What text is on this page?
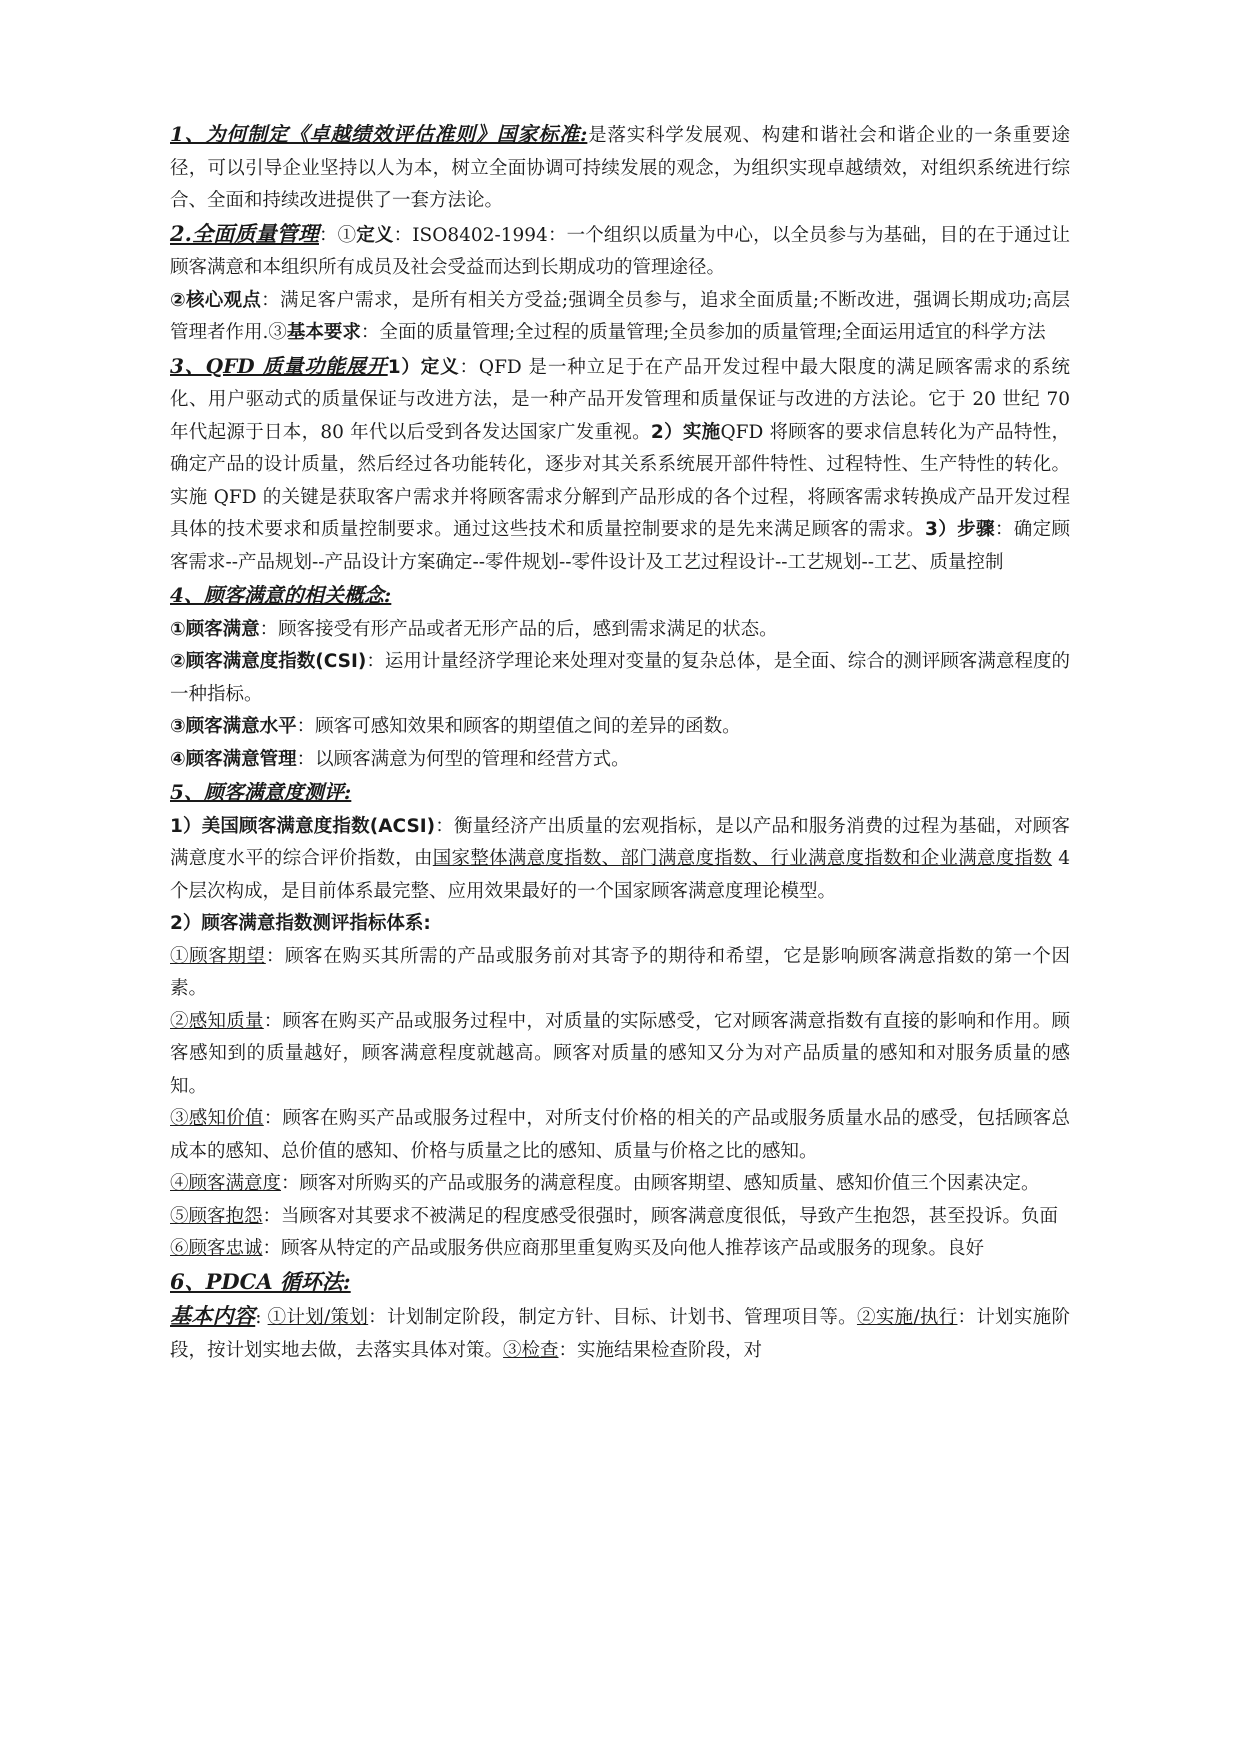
1、为何制定《卓越绩效评估准则》国家标准:是落实科学发展观、构建和谐社会和谐企业的一条重要途径，可以引导企业坚持以人为本，树立全面协调可持续发展的观念，为组织实现卓越绩效，对组织系统进行综合、全面和持续改进提供了一套方法论。

2.全面质量管理：①定义：ISO8402-1994：一个组织以质量为中心，以全员参与为基础，目的在于通过让顾客满意和本组织所有成员及社会受益而达到长期成功的管理途径。

②核心观点：满足客户需求，是所有相关方受益;强调全员参与，追求全面质量;不断改进，强调长期成功;高层管理者作用.③基本要求：全面的质量管理;全过程的质量管理;全员参加的质量管理;全面运用适宜的科学方法

3、QFD 质量功能展开1）定义：QFD 是一种立足于在产品开发过程中最大限度的满足顾客需求的系统化、用户驱动式的质量保证与改进方法，是一种产品开发管理和质量保证与改进的方法论。它于 20 世纪 70 年代起源于日本，80 年代以后受到各发达国家广发重视。2）实施QFD 将顾客的要求信息转化为产品特性，确定产品的设计质量，然后经过各功能转化，逐步对其关系系统展开部件特性、过程特性、生产特性的转化。实施 QFD 的关键是获取客户需求并将顾客需求分解到产品形成的各个过程，将顾客需求转换成产品开发过程具体的技术要求和质量控制要求。通过这些技术和质量控制要求的是先来满足顾客的需求。3）步骤：确定顾客需求--产品规划--产品设计方案确定--零件规划--零件设计及工艺过程设计--工艺规划--工艺、质量控制

4、顾客满意的相关概念:

①顾客满意：顾客接受有形产品或者无形产品的后，感到需求满足的状态。

②顾客满意度指数(CSI)：运用计量经济学理论来处理对变量的复杂总体，是全面、综合的测评顾客满意程度的一种指标。

③顾客满意水平：顾客可感知效果和顾客的期望值之间的差异的函数。

④顾客满意管理：以顾客满意为何型的管理和经营方式。

5、顾客满意度测评:

1）美国顾客满意度指数(ACSI)：衡量经济产出质量的宏观指标，是以产品和服务消费的过程为基础，对顾客满意度水平的综合评价指数，由国家整体满意度指数、部门满意度指数、行业满意度指数和企业满意度指数 4 个层次构成，是目前体系最完整、应用效果最好的一个国家顾客满意度理论模型。

2）顾客满意指数测评指标体系:

①顾客期望：顾客在购买其所需的产品或服务前对其寄予的期待和希望，它是影响顾客满意指数的第一个因素。

②感知质量：顾客在购买产品或服务过程中，对质量的实际感受，它对顾客满意指数有直接的影响和作用。顾客感知到的质量越好，顾客满意程度就越高。顾客对质量的感知又分为对产品质量的感知和对服务质量的感知。

③感知价值：顾客在购买产品或服务过程中，对所支付价格的相关的产品或服务质量水品的感受，包括顾客总成本的感知、总价值的感知、价格与质量之比的感知、质量与价格之比的感知。

④顾客满意度：顾客对所购买的产品或服务的满意程度。由顾客期望、感知质量、感知价值三个因素决定。

⑤顾客抱怨：当顾客对其要求不被满足的程度感受很强时，顾客满意度很低，导致产生抱怨，甚至投诉。负面

⑥顾客忠诚：顾客从特定的产品或服务供应商那里重复购买及向他人推荐该产品或服务的现象。良好

6、PDCA 循环法:

基本内容: ①计划/策划：计划制定阶段，制定方针、目标、计划书、管理项目等。②实施/执行：计划实施阶段，按计划实地去做，去落实具体对策。③检查：实施结果检查阶段，对
